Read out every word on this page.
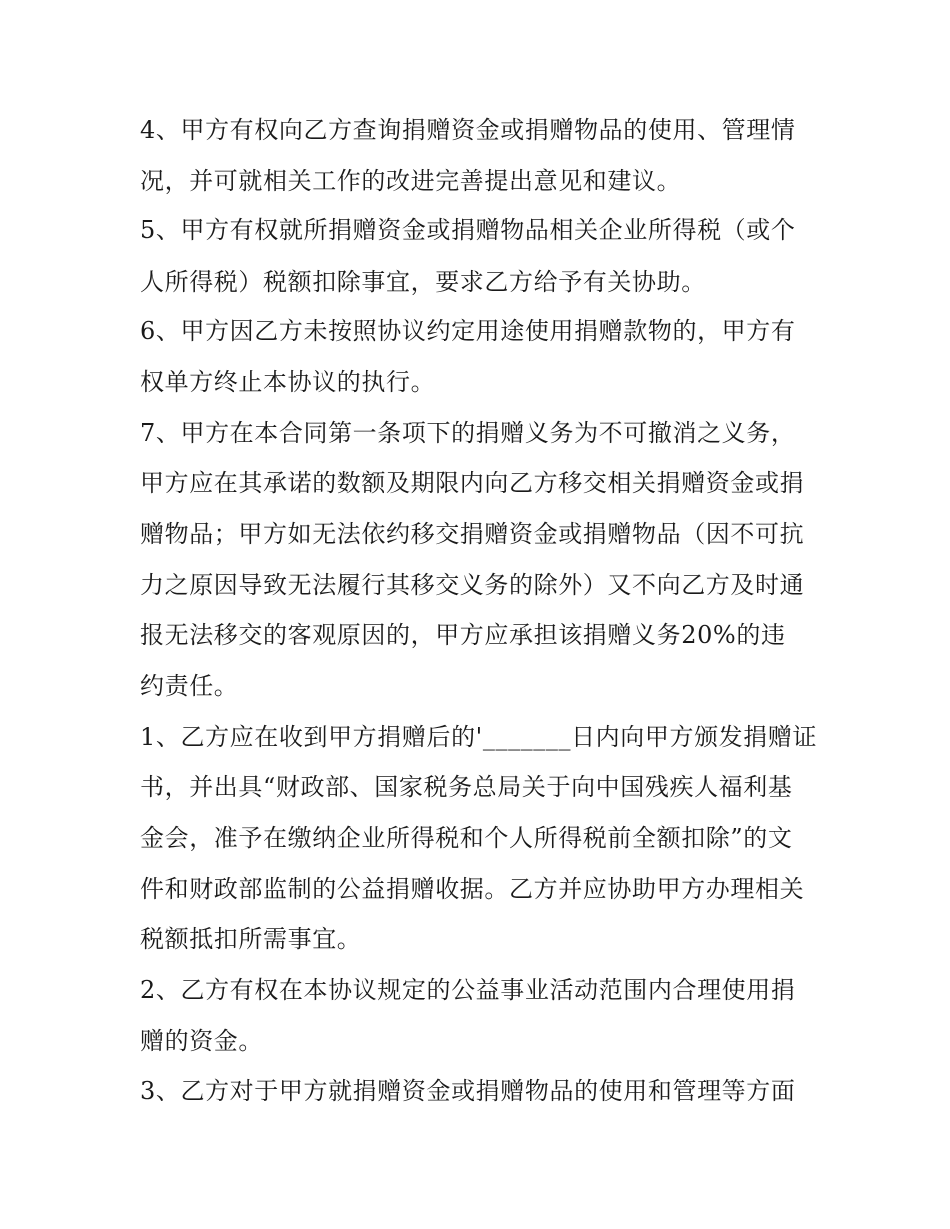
4、甲方有权向乙方查询捐赠资金或捐赠物品的使用、管理情
况，并可就相关工作的改进完善提出意见和建议。
5、甲方有权就所捐赠资金或捐赠物品相关企业所得税（或个
人所得税）税额扣除事宜，要求乙方给予有关协助。
6、甲方因乙方未按照协议约定用途使用捐赠款物的，甲方有
权单方终止本协议的执行。
7、甲方在本合同第一条项下的捐赠义务为不可撤消之义务，
甲方应在其承诺的数额及期限内向乙方移交相关捐赠资金或捐
赠物品；甲方如无法依约移交捐赠资金或捐赠物品（因不可抗
力之原因导致无法履行其移交义务的除外）又不向乙方及时通
报无法移交的客观原因的，甲方应承担该捐赠义务20%的违
约责任。
1、乙方应在收到甲方捐赠后的'_______日内向甲方颁发捐赠证
书，并出具“财政部、国家税务总局关于向中国残疾人福利基
金会，准予在缴纳企业所得税和个人所得税前全额扣除”的文
件和财政部监制的公益捐赠收据。乙方并应协助甲方办理相关
税额抵扣所需事宜。
2、乙方有权在本协议规定的公益事业活动范围内合理使用捐
赠的资金。
3、乙方对于甲方就捐赠资金或捐赠物品的使用和管理等方面
